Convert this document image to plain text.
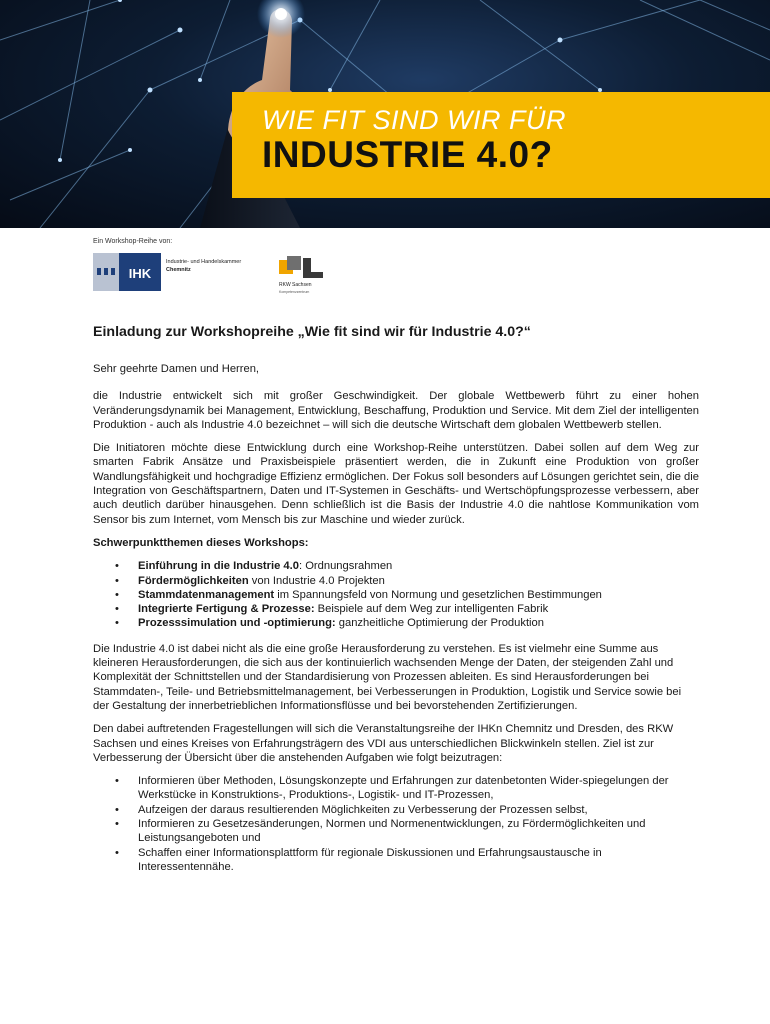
WIE FIT SIND WIR FÜR
INDUSTRIE 4.0?
Ein Workshop-Reihe von:
IHK
Industrie- und Handelskammer
Chemnitz
RKW Sachsen
Kompetenzzentrum
Einladung zur Workshopreihe „Wie fit sind wir für Industrie 4.0?“

Sehr geehrte Damen und Herren,

die Industrie entwickelt sich mit großer Geschwindigkeit. Der globale Wettbewerb führt zu einer hohen Veränderungsdynamik bei Management, Entwicklung, Beschaffung, Produktion und Service. Mit dem Ziel der intelligenten Produktion - auch als Industrie 4.0 bezeichnet – will sich die deutsche Wirtschaft dem globalen Wettbewerb stellen.

Die Initiatoren möchte diese Entwicklung durch eine Workshop-Reihe unterstützen. Dabei sollen auf dem Weg zur smarten Fabrik Ansätze und Praxisbeispiele präsentiert werden, die in Zukunft eine Produktion von großer Wandlungsfähigkeit und hochgradige Effizienz ermöglichen. Der Fokus soll besonders auf Lösungen gerichtet sein, die die Integration von Geschäftspartnern, Daten und IT-Systemen in Geschäfts- und Wertschöpfungsprozesse verbessern, aber auch deutlich darüber hinausgehen. Denn schließlich ist die Basis der Industrie 4.0 die nahtlose Kommunikation vom Sensor bis zum Internet, vom Mensch bis zur Maschine und wieder zurück.

Schwerpunktthemen dieses Workshops:

• Einführung in die Industrie 4.0: Ordnungsrahmen
• Fördermöglichkeiten von Industrie 4.0 Projekten
• Stammdatenmanagement im Spannungsfeld von Normung und gesetzlichen Bestimmungen
• Integrierte Fertigung & Prozesse: Beispiele auf dem Weg zur intelligenten Fabrik
• Prozesssimulation und -optimierung: ganzheitliche Optimierung der Produktion

Die Industrie 4.0 ist dabei nicht als die eine große Herausforderung zu verstehen. Es ist vielmehr eine Summe aus kleineren Herausforderungen, die sich aus der kontinuierlich wachsenden Menge der Daten, der steigenden Zahl und Komplexität der Schnittstellen und der Standardisierung von Prozessen ableiten. Es sind Herausforderungen bei Stammdaten-, Teile- und Betriebsmittelmanagement, bei Verbesserungen in Produktion, Logistik und Service sowie bei der Gestaltung der innerbetrieblichen Informationsflüsse und bei bevorstehenden Zertifizierungen.

Den dabei auftretenden Fragestellungen will sich die Veranstaltungsreihe der IHKn Chemnitz und Dresden, des RKW Sachsen und eines Kreises von Erfahrungsträgern des VDI aus unterschiedlichen Blickwinkeln stellen. Ziel ist zur Verbesserung der Übersicht über die anstehenden Aufgaben wie folgt beizutragen:

• Informieren über Methoden, Lösungskonzepte und Erfahrungen zur datenbetonten Wider-spiegelungen der Werkstücke in Konstruktions-, Produktions-, Logistik- und IT-Prozessen,
• Aufzeigen der daraus resultierenden Möglichkeiten zu Verbesserung der Prozessen selbst,
• Informieren zu Gesetzesänderungen, Normen und Normenentwicklungen, zu Fördermöglichkeiten und Leistungsangeboten und
• Schaffen einer Informationsplattform für regionale Diskussionen und Erfahrungsaustausche in Interessentennähe.
